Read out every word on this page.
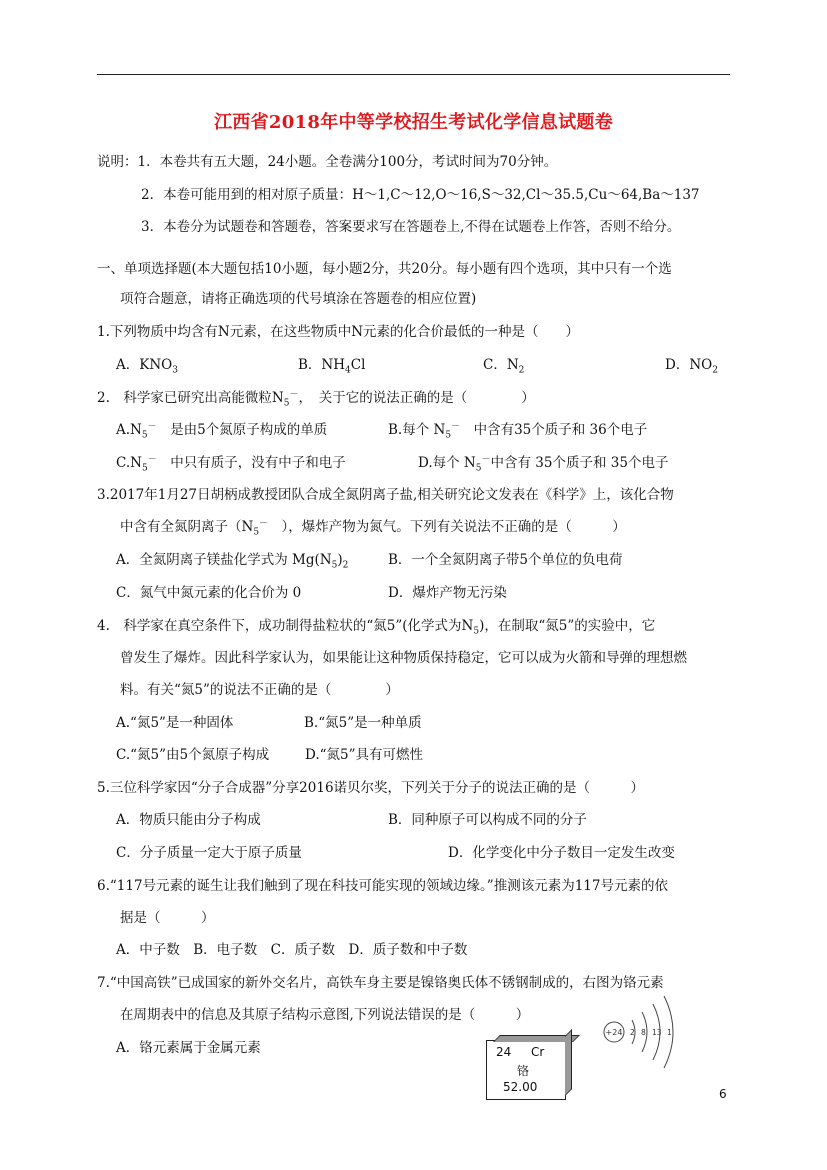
江西省2018年中等学校招生考试化学信息试题卷
说明：1．本卷共有五大题，24小题。全卷满分100分，考试时间为70分钟。
2．本卷可能用到的相对原子质量：H～1,C～12,O～16,S～32,Cl～35.5,Cu～64,Ba～137
3．本卷分为试题卷和答题卷，答案要求写在答题卷上,不得在试题卷上作答，否则不给分。
一、单项选择题(本大题包括10小题，每小题2分，共20分。每小题有四个选项，其中只有一个选
项符合题意，请将正确选项的代号填涂在答题卷的相应位置)
1.下列物质中均含有N元素，在这些物质中N元素的化合价最低的一种是（　　）
A．$KNO_3$	B．$NH_4Cl$	C．$N_2$	D．$NO_2$
2.　科学家已研究出高能微粒$N_5^-$，　关于它的说法正确的是（　　　　）
$A.N_5^-$　是由5个氮原子构成的单质	B.每个 $N_5^-$　中含有35个质子和 36个电子
$C.N_5^-$　中只有质子，没有中子和电子	D.每个 $N_5^-$中含有 35个质子和 35个电子
3.2017年1月27日胡柄成教授团队合成全氮阴离子盐,相关研究论文发表在《科学》上，该化合物
中含有全氮阴离子（$N_5^-$　），爆炸产物为氮气。下列有关说法不正确的是（　　　）
A．全氮阴离子镁盐化学式为 $Mg(N_5)_2$	B．一个全氮阴离子带5个单位的负电荷
C．氮气中氮元素的化合价为 0	D．爆炸产物无污染
4.　科学家在真空条件下，成功制得盐粒状的“氮5”(化学式为$N_5$)，在制取“氮5”的实验中，它
曾发生了爆炸。因此科学家认为，如果能让这种物质保持稳定，它可以成为火箭和导弹的理想燃
料。有关“氮5”的说法不正确的是（　　　　）
A.“氮5”是一种固体	B.“氮5”是一种单质
C.“氮5”由5个氮原子构成	D.“氮5”具有可燃性
5.三位科学家因“分子合成器”分享2016诺贝尔奖，下列关于分子的说法正确的是（　　　）
A．物质只能由分子构成	B．同种原子可以构成不同的分子
C．分子质量一定大于原子质量	D．化学变化中分子数目一定发生改变
6.“117号元素的诞生让我们触到了现在科技可能实现的领域边缘。”推测该元素为117号元素的依
据是（　　　）
A．中子数　B．电子数　C．质子数　D．质子数和中子数
7.“中国高铁”已成国家的新外交名片，高铁车身主要是镍铬奥氏体不锈钢制成的，右图为铬元素
在周期表中的信息及其原子结构示意图,下列说法错误的是（　　　）
A．铬元素属于金属元素	24 Cr
铬
52.00
+24 2 8 13 1
6
